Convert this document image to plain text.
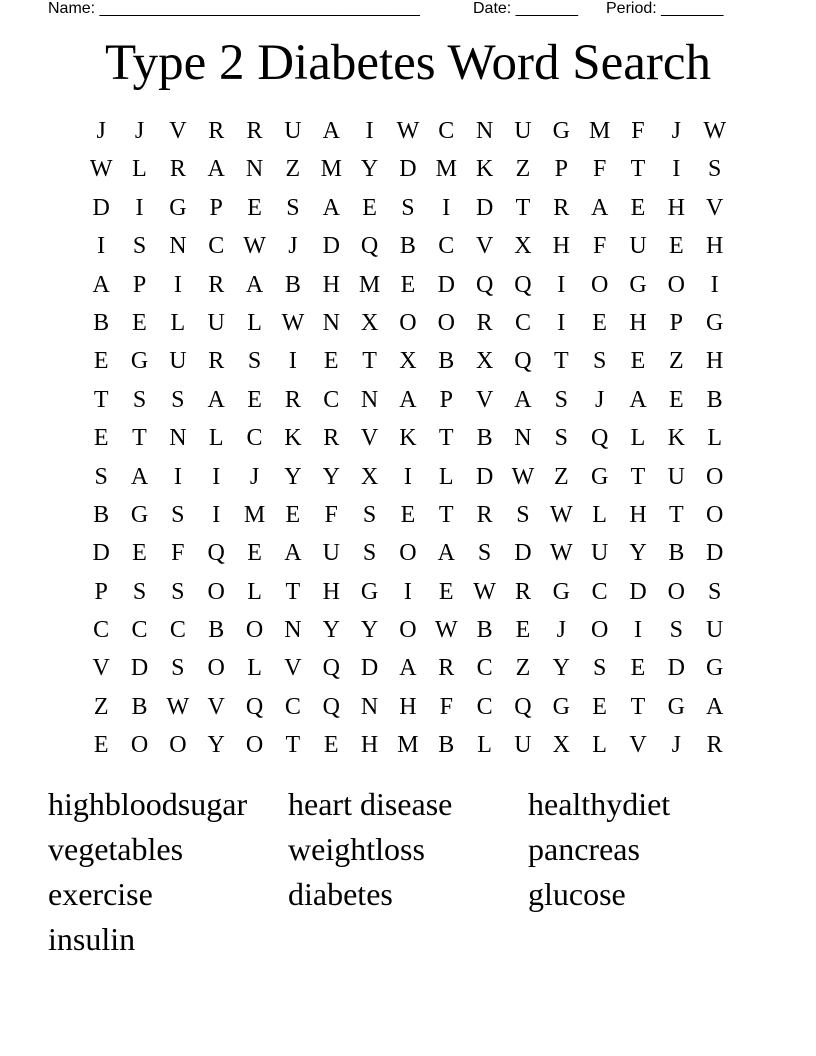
Name: ____________________________________

	Date: _______

Period: _______

Type 2 Diabetes Word Search
J	J	V R R U A	I W C N U G M F	J W
W L R A N Z M Y D M K Z	P	F	T	I	S
D	I	G P	E	S A E	S	I	D T R A E H V
I	S N C W J	D Q B C V X H F U E H
A P	I	R A B H M E D Q Q	I	O G O	I
B E L U L W N X O O R C	I	E H P G
E G U R S	I	E T X B X Q T	S	E Z H
T	S	S A E R C N A P V A S	J	A E B
E T N L C K R V K T B N S Q L K L
S A	I	I	J	Y Y X	I	L D W Z G T U O
B G S	I M E	F	S	E T R S W L H T O
D E	F Q E A U S O A S D W U Y B D
P	S	S O L T H G	I	E W R G C D O S
C C C B O N Y Y O W B E	J	O	I	S U
V D S O L V Q D A R C Z Y S	E D G
Z B W V Q C Q N H F C Q G E T G A
E O O Y O T E H M B L U X L V	J	R
highbloodsugar	heart disease	healthydiet
vegetables	weightloss	pancreas
exercise	diabetes	glucose
insulin
